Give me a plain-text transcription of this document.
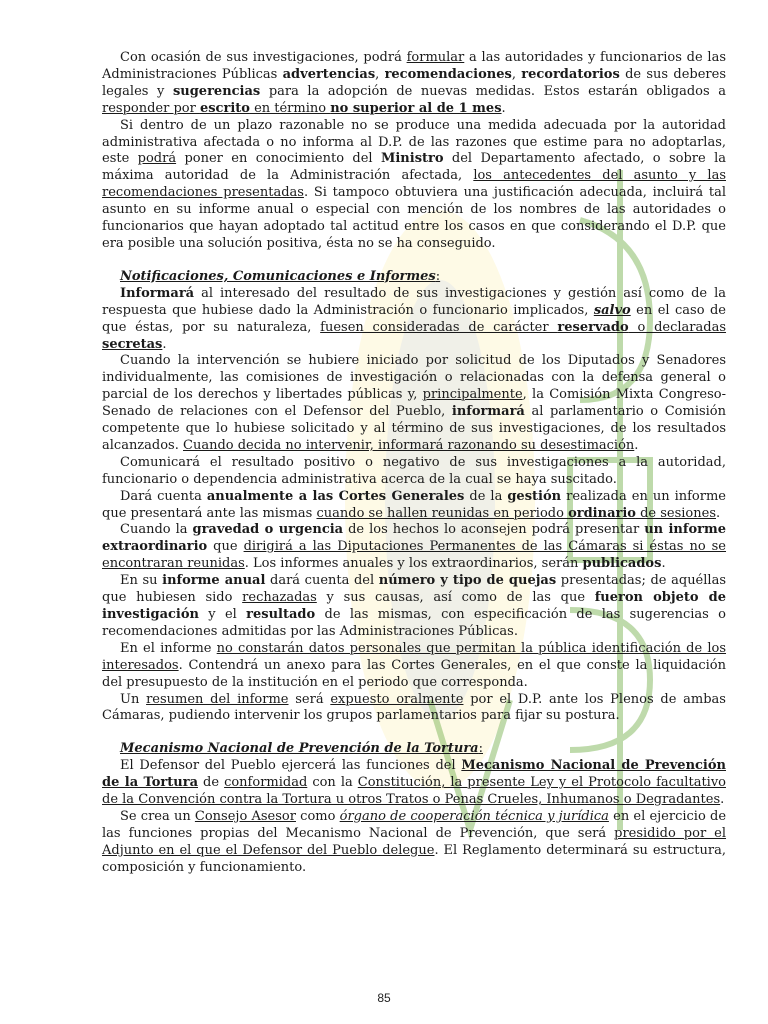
Con ocasión de sus investigaciones, podrá formular a las autoridades y funcionarios de las Administraciones Públicas advertencias, recomendaciones, recordatorios de sus deberes legales y sugerencias para la adopción de nuevas medidas. Estos estarán obligados a responder por escrito en término no superior al de 1 mes.

Si dentro de un plazo razonable no se produce una medida adecuada por la autoridad administrativa afectada o no informa al D.P. de las razones que estime para no adoptarlas, este podrá poner en conocimiento del Ministro del Departamento afectado, o sobre la máxima autoridad de la Administración afectada, los antecedentes del asunto y las recomendaciones presentadas. Si tampoco obtuviera una justificación adecuada, incluirá tal asunto en su informe anual o especial con mención de los nombres de las autoridades o funcionarios que hayan adoptado tal actitud entre los casos en que considerando el D.P. que era posible una solución positiva, ésta no se ha conseguido.

Notificaciones, Comunicaciones e Informes:

Informará al interesado del resultado de sus investigaciones y gestión así como de la respuesta que hubiese dado la Administración o funcionario implicados, salvo en el caso de que éstas, por su naturaleza, fuesen consideradas de carácter reservado o declaradas secretas.

Cuando la intervención se hubiere iniciado por solicitud de los Diputados y Senadores individualmente, las comisiones de investigación o relacionadas con la defensa general o parcial de los derechos y libertades públicas y, principalmente, la Comisión Mixta Congreso-Senado de relaciones con el Defensor del Pueblo, informará al parlamentario o Comisión competente que lo hubiese solicitado y al término de sus investigaciones, de los resultados alcanzados. Cuando decida no intervenir, informará razonando su desestimación.

Comunicará el resultado positivo o negativo de sus investigaciones a la autoridad, funcionario o dependencia administrativa acerca de la cual se haya suscitado.

Dará cuenta anualmente a las Cortes Generales de la gestión realizada en un informe que presentará ante las mismas cuando se hallen reunidas en periodo ordinario de sesiones.

Cuando la gravedad o urgencia de los hechos lo aconsejen podrá presentar un informe extraordinario que dirigirá a las Diputaciones Permanentes de las Cámaras si éstas no se encontraran reunidas. Los informes anuales y los extraordinarios, serán publicados.

En su informe anual dará cuenta del número y tipo de quejas presentadas; de aquéllas que hubiesen sido rechazadas y sus causas, así como de las que fueron objeto de investigación y el resultado de las mismas, con especificación de las sugerencias o recomendaciones admitidas por las Administraciones Públicas.

En el informe no constarán datos personales que permitan la pública identificación de los interesados. Contendrá un anexo para las Cortes Generales, en el que conste la liquidación del presupuesto de la institución en el periodo que corresponda.

Un resumen del informe será expuesto oralmente por el D.P. ante los Plenos de ambas Cámaras, pudiendo intervenir los grupos parlamentarios para fijar su postura.

Mecanismo Nacional de Prevención de la Tortura:

El Defensor del Pueblo ejercerá las funciones del Mecanismo Nacional de Prevención de la Tortura de conformidad con la Constitución, la presente Ley y el Protocolo facultativo de la Convención contra la Tortura u otros Tratos o Penas Crueles, Inhumanos o Degradantes.

Se crea un Consejo Asesor como órgano de cooperación técnica y jurídica en el ejercicio de las funciones propias del Mecanismo Nacional de Prevención, que será presidido por el Adjunto en el que el Defensor del Pueblo delegue. El Reglamento determinará su estructura, composición y funcionamiento.

85
